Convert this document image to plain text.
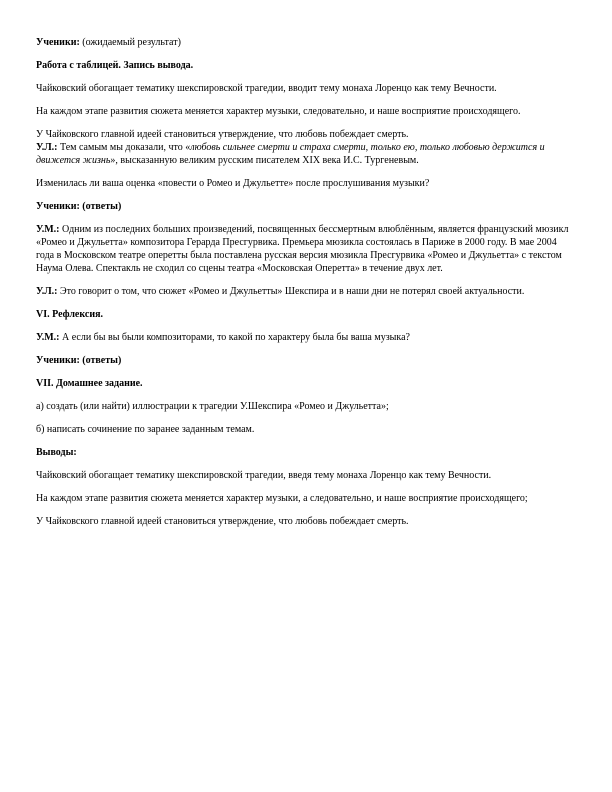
Ученики: (ожидаемый результат)

Работа с таблицей. Запись вывода.

Чайковский обогащает тематику шекспировской трагедии, вводит тему монаха Лоренцо как тему Вечности.

На каждом этапе развития сюжета меняется характер музыки, следовательно, и наше восприятие происходящего.

У Чайковского главной идеей становиться утверждение, что любовь побеждает смерть.

У.Л.: Тем самым мы доказали, что «любовь сильнее смерти и страха смерти, только ею, только любовью держится и движется жизнь», высказанную великим русским писателем XIX века И.С. Тургеневым.

Изменилась ли ваша оценка «повести о Ромео и Джульетте» после прослушивания музыки?

Ученики: (ответы)

У.М.: Одним из последних больших произведений, посвященных бессмертным влюблённым, является французский мюзикл «Ромео и Джульетта» композитора Герарда Пресгурвика. Премьера мюзикла состоялась в Париже в 2000 году. В мае 2004 года в Московском театре оперетты была поставлена русская версия мюзикла Пресгурвика «Ромео и Джульетта» с текстом Наума Олева. Спектакль не сходил со сцены театра «Московская Оперетта» в течение двух лет.

У.Л.: Это говорит о том, что сюжет «Ромео и Джульетты» Шекспира и в наши дни не потерял своей актуальности.

VI. Рефлексия.

У.М.: А если бы вы были композиторами, то какой по характеру была бы ваша музыка?

Ученики: (ответы)

VII. Домашнее задание.

а) создать (или найти) иллюстрации к трагедии У.Шекспира «Ромео и Джульетта»;

б) написать сочинение по заранее заданным темам.

Выводы:

Чайковский обогащает тематику шекспировской трагедии, введя тему монаха Лоренцо как тему Вечности.

На каждом этапе развития сюжета меняется характер музыки, а следовательно, и наше восприятие происходящего;

У Чайковского главной идеей становиться утверждение, что любовь побеждает смерть.
